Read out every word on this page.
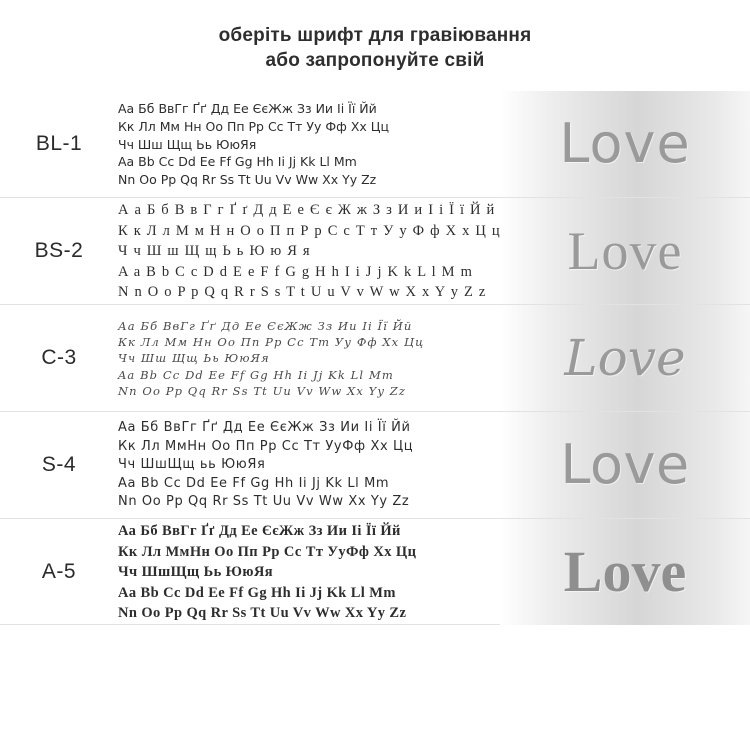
оберіть шрифт для гравіювання
або запропонуйте свій
Love
BL-1
Аа Бб ВвГг Ґґ Дд Ее ЄєЖж Зз Ии Іі Її Йй
Кк Лл Мм Нн Оо Пп Рр Сс Тт Уу Фф Хх Цц
Чч Шш Щщ Ьь ЮюЯя
Aa Bb Cc Dd Ee Ff Gg Hh Ii Jj Kk Ll Mm
Nn Oo Pp Qq Rr Ss Tt Uu Vv Ww Xx Yy Zz
Love
BS-2
А а Б б В в Г г Ґ ґ Д д Е е Є є Ж ж З з И и І і Ї ї Й й
К к Л л М м Н н О о П п Р р С с Т т У у Ф ф Х х Ц ц
Ч ч Ш ш Щ щ Ь ь Ю ю Я я
A a B b C c D d E e F f G g H h I i J j K k L l M m
N n O o P p Q q R r S s T t U u V v W w X x Y y Z z
Love
C-3
Аа Бб ВвГг Ґґ Дд Ее ЄєЖж Зз Ии Іі Її Йй
Кк Лл Мм Нн Оо Пп Рр Сс Тт Уу Фф Хх Цц
Чч Шш Щщ Ьь ЮюЯя
Aa Bb Cc Dd Ee Ff Gg Hh Ii Jj Kk Ll Mm
Nn Oo Pp Qq Rr Ss Tt Uu Vv Ww Xx Yy Zz
Love
S-4
Аа Бб ВвГг Ґґ Дд Ее ЄєЖж Зз Ии Іі Її Йй
Кк Лл МмНн Оо Пп Рр Сс Тт УуФф Хх Цц
Чч ШшЩщ ьь ЮюЯя
Aa Bb Cc Dd Ee Ff Gg Hh Ii Jj Kk Ll Mm
Nn Oo Pp Qq Rr Ss Tt Uu Vv Ww Xx Yy Zz
Love
A-5
Аа Бб ВвГг Ґґ Дд Ее ЄєЖж Зз Ии Іі Її Йй
Кк Лл МмНн Оо Пп Рр Сс Тт УуФф Хх Цц
Чч ШшЩщ Ьь ЮюЯя
Aa Bb Cc Dd Ee Ff Gg Hh Ii Jj Kk Ll Mm
Nn Oo Pp Qq Rr Ss Tt Uu Vv Ww Xx Yy Zz
